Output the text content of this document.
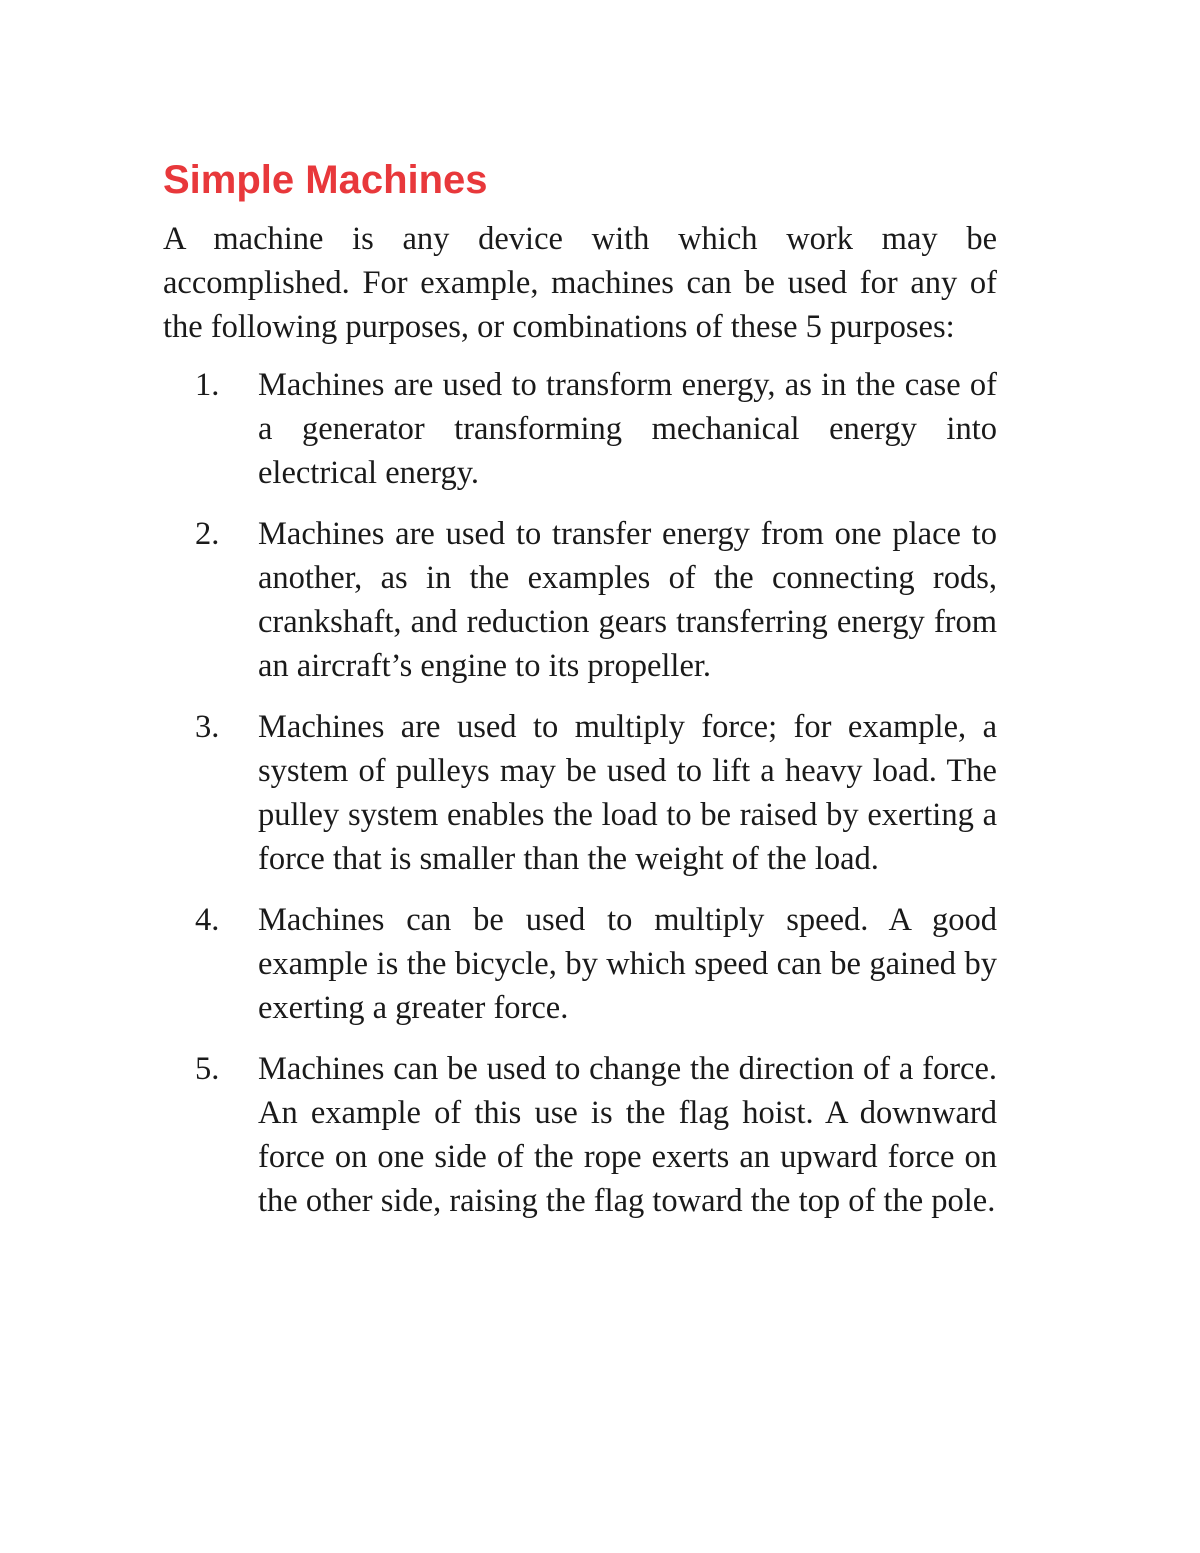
Simple Machines

A machine is any device with which work may be accomplished. For example, machines can be used for any of the following purposes, or combinations of these 5 purposes:

1.	Machines are used to transform energy, as in the case of a generator transforming mechanical energy into electrical energy.
2.	Machines are used to transfer energy from one place to another, as in the examples of the connecting rods, crankshaft, and reduction gears transferring energy from an aircraft’s engine to its propeller.
3.	Machines are used to multiply force; for example, a system of pulleys may be used to lift a heavy load. The pulley system enables the load to be raised by exerting a force that is smaller than the weight of the load.
4.	Machines can be used to multiply speed. A good example is the bicycle, by which speed can be gained by exerting a greater force.
5.	Machines can be used to change the direction of a force. An example of this use is the flag hoist. A downward force on one side of the rope exerts an upward force on the other side, raising the flag toward the top of the pole.
